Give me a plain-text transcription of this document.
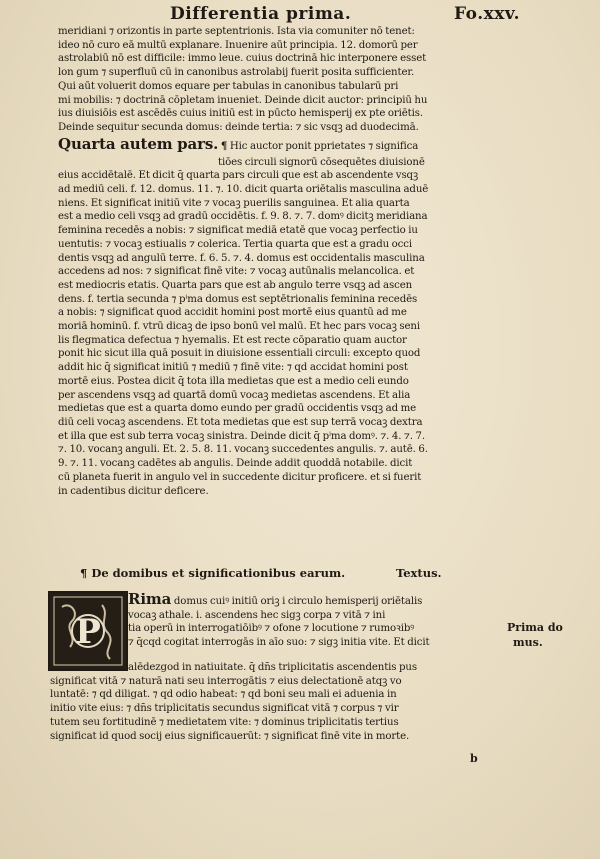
Differentia prima.	Fo.xxv.
meridiani ⁊ orizontis in parte septentrionis. Ista via comuniter nō tenet:
ideo nō curo eā multū explanare. Inuenire aūt principia. 12. domorū per
astrolabiū nō est difficile: immo leue. cuius doctrinā hic interponere esset
lon gum ⁊ superfluū cū in canonibus astrolabij fuerit posita sufficienter.
Qui aūt voluerit domos equare per tabulas in canonibus tabularū pri
mi mobilis: ⁊ doctrinā cōpletam inueniet. Deinde dicit auctor: principiū hu
ius diuisiōis est ascēdēs cuius initiū est in pūcto hemisperij ex pte oriētis.
Deinde sequitur secunda domus: deinde tertia: ⁊ sic vsqꝫ ad duodecimā.
Quarta autem pars. ¶ Hic auctor ponit pprietates ⁊ significa
tiōes circuli signorū cōsequētes diuisionē
eius accidētalē. Et dicit q̄ quarta pars circuli que est ab ascendente vsqꝫ
ad mediū celi. f. 12. domus. 11. ⁊. 10. dicit quarta oriētalis masculina aduē
niens. Et significat initiū vite ⁊ vocaꝫ puerilis sanguinea. Et alia quarta
est a medio celi vsqꝫ ad gradū occidētis. f. 9. 8. ⁊. 7. domꝰ dicitꝫ meridiana
feminina recedēs a nobis: ⁊ significat mediā etatē que vocaꝫ perfectio iu
uentutis: ⁊ vocaꝫ estiualis ⁊ colerica. Tertia quarta que est a gradu occi
dentis vsqꝫ ad angulū terre. f. 6. 5. ⁊. 4. domus est occidentalis masculina
accedens ad nos: ⁊ significat finē vite: ⁊ vocaꝫ autūnalis melancolica. et
est mediocris etatis. Quarta pars que est ab angulo terre vsqꝫ ad ascen
dens. f. tertia secunda ⁊ pⁱma domus est septētrionalis feminina recedēs
a nobis: ⁊ significat quod accidit homini post mortē eius quantū ad me
moriā hominū. f. vtrū dicaꝫ de ipso bonū vel malū. Et hec pars vocaꝫ seni
lis flegmatica defectua ⁊ hyemalis. Et est recte cōparatio quam auctor
ponit hic sicut illa quā posuit in diuisione essentiali circuli: excepto quod
addit hic q̄ significat initiū ⁊ mediū ⁊ finē vite: ⁊ qd accidat homini post
mortē eius. Postea dicit q̄ tota illa medietas que est a medio celi eundo
per ascendens vsqꝫ ad quartā domū vocaꝫ medietas ascendens. Et alia
medietas que est a quarta domo eundo per gradū occidentis vsqꝫ ad me
diū celi vocaꝫ ascendens. Et tota medietas que est sup terrā vocaꝫ dextra
et illa que est sub terra vocaꝫ sinistra. Deinde dicit q̄ pⁱma domꝰ. ⁊. 4. ⁊. 7.
⁊. 10. vocanꝫ anguli. Et. 2. 5. 8. 11. vocanꝫ succedentes angulis. ⁊. autē. 6.
9. ⁊. 11. vocanꝫ cadētes ab angulis. Deinde addit quoddā notabile. dicit
cū planeta fuerit in angulo vel in succedente dicitur proficere. et si fuerit
in cadentibus dicitur deficere.
¶ De domibus et significationibus earum.	Textus.
P
Rima domus cuiꝰ initiū oriꝫ i circulo hemisperij oriētalis
vocaꝫ athale. i. ascendens hec sigꝫ corpa ⁊ vitā ⁊ ini
tia operū in interrogatiōibꝰ ⁊ ofone ⁊ locutione ⁊ rumoꝛibꝰ
⁊ q̄cqd cogitat interrogās in aīo suo: ⁊ sigꝫ initia vite. Et dicit
alēdezgod in natiuitate. q̄ dn̄s triplicitatis ascendentis pus
significat vitā ⁊ naturā nati seu interrogātis ⁊ eius delectationē atqꝫ vo
luntatē: ⁊ qd diligat. ⁊ qd odio habeat: ⁊ qd boni seu mali ei aduenia in
initio vite eius: ⁊ dn̄s triplicitatis secundus significat vitā ⁊ corpus ⁊ vir
tutem seu fortitudinē ⁊ medietatem vite: ⁊ dominus triplicitatis tertius
significat id quod socij eius significauerūt: ⁊ significat finē vite in morte.
Prima do
mus.
b
